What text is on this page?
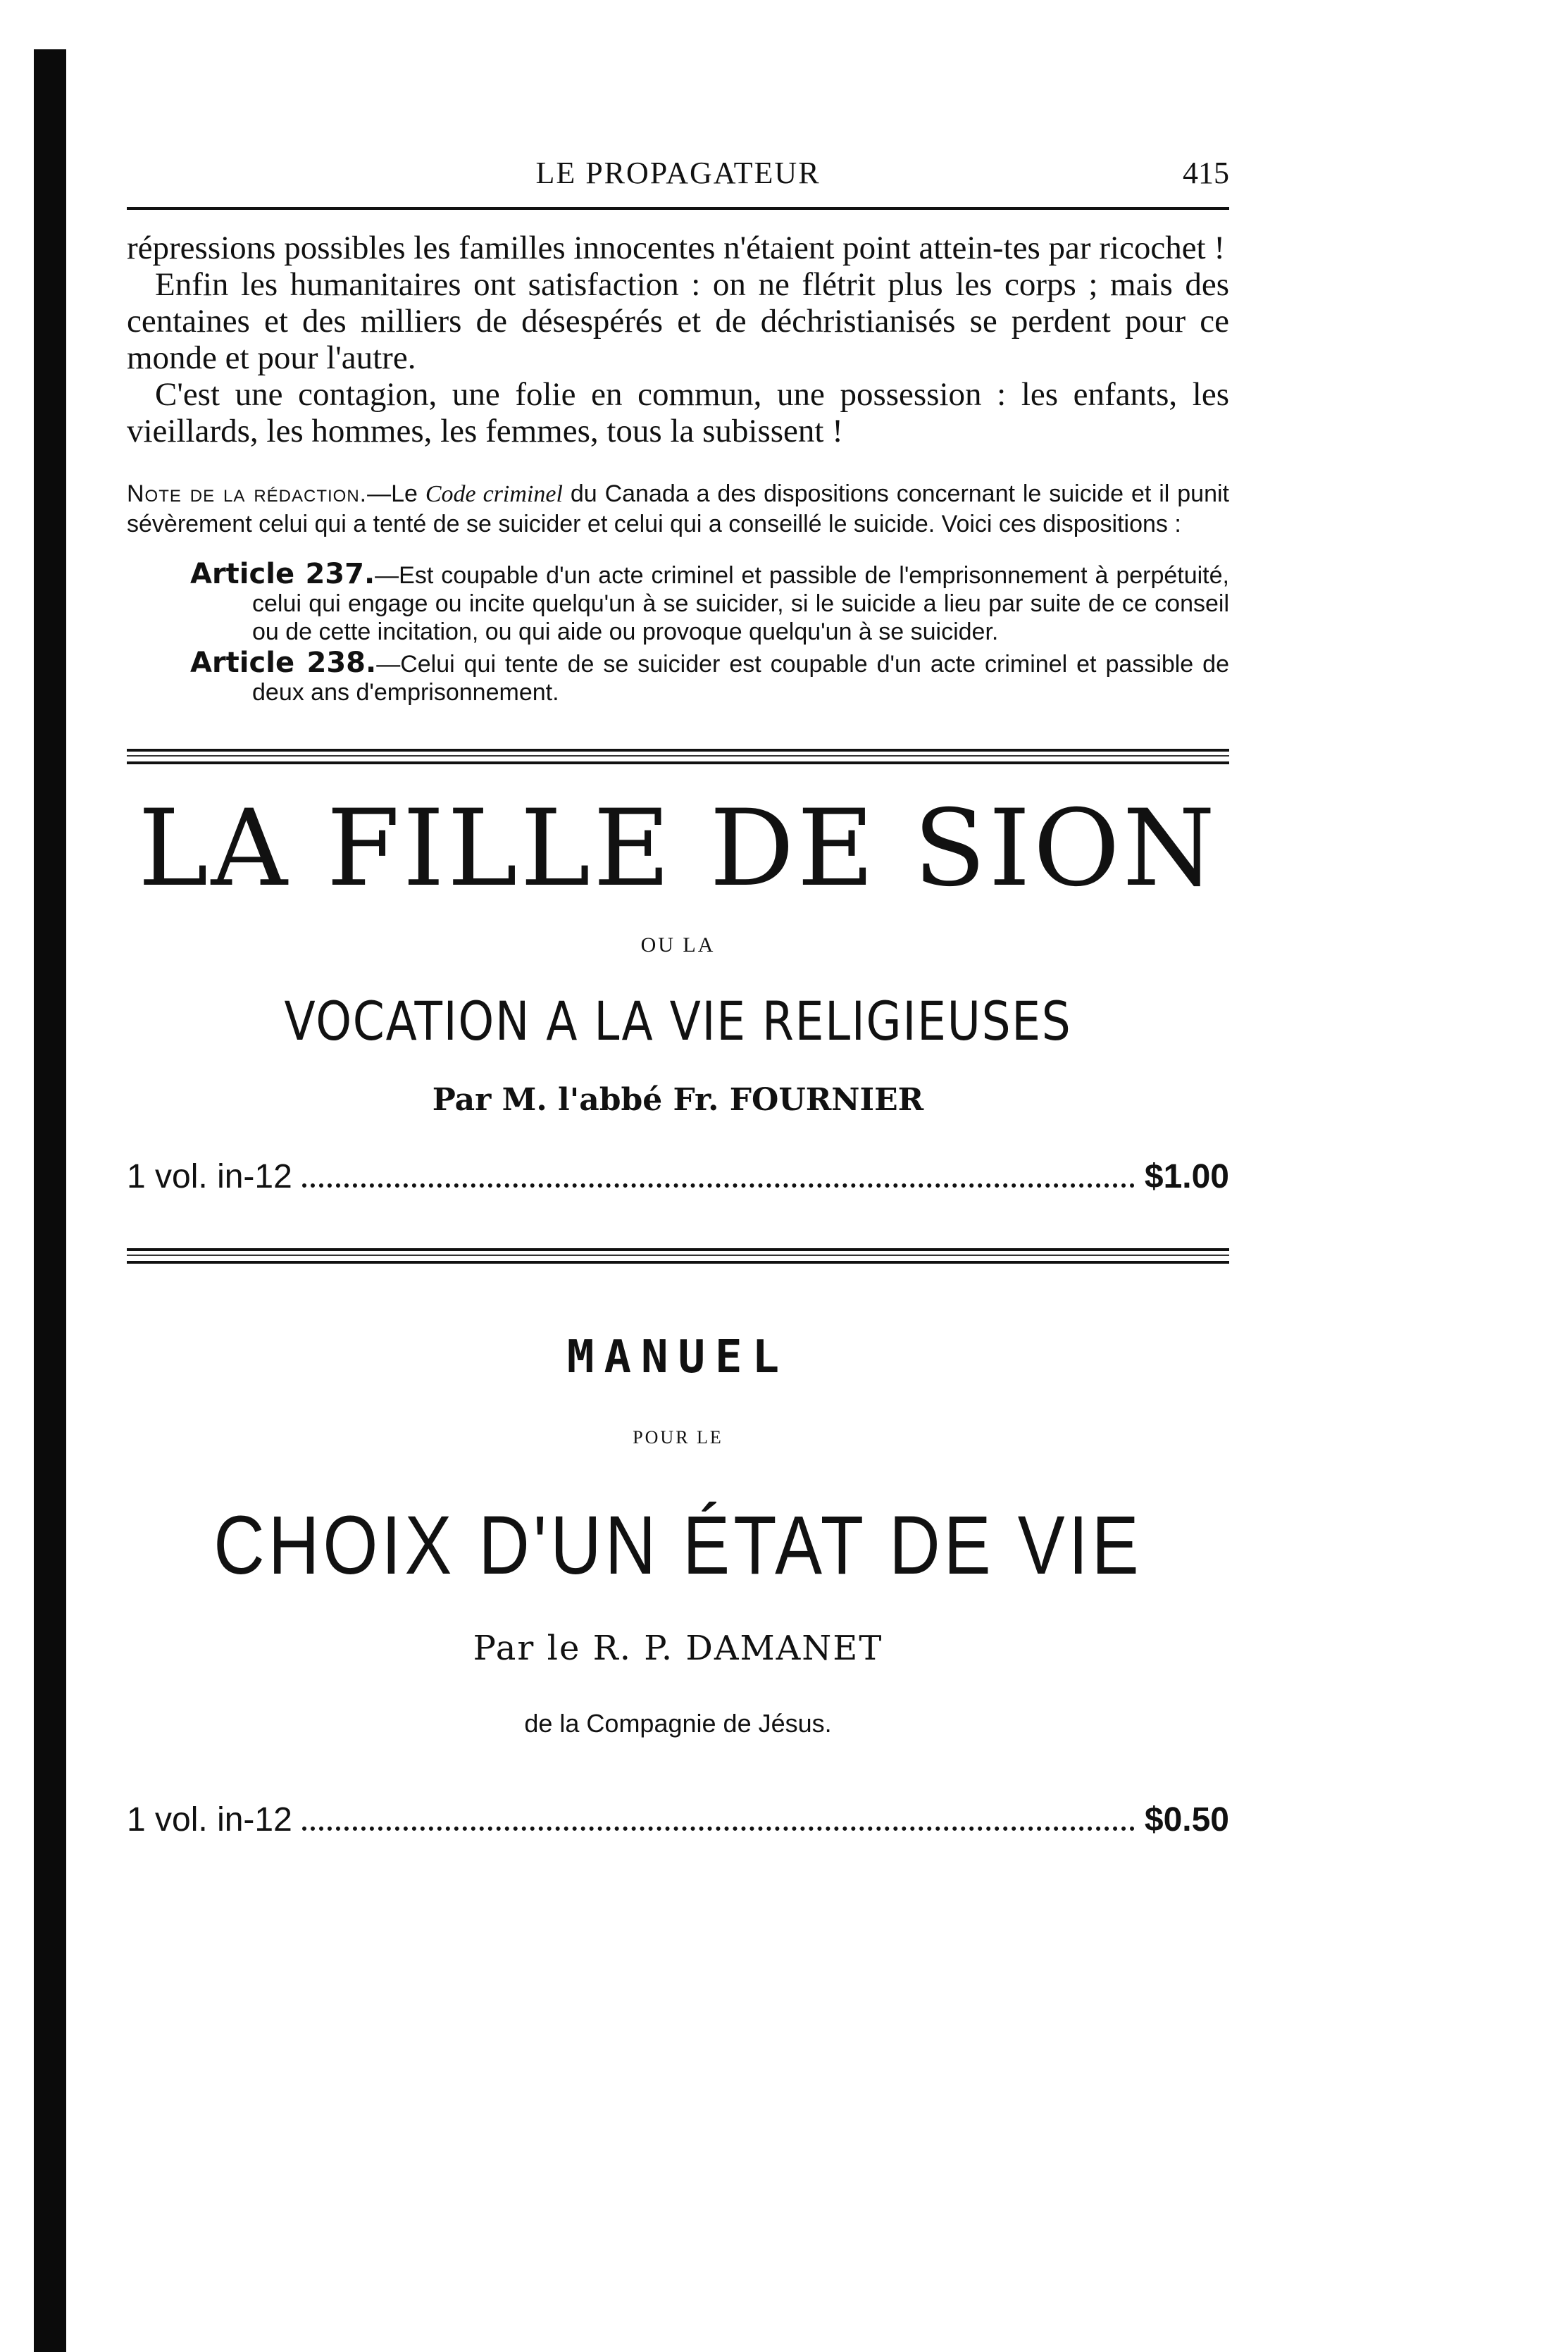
LE PROPAGATEUR	415

répressions possibles les familles innocentes n'étaient point attein-tes par ricochet !

Enfin les humanitaires ont satisfaction : on ne flétrit plus les corps ; mais des centaines et des milliers de désespérés et de déchristianisés se perdent pour ce monde et pour l'autre.

C'est une contagion, une folie en commun, une possession : les enfants, les vieillards, les hommes, les femmes, tous la subissent !

Note de la rédaction.—Le Code criminel du Canada a des dispositions concernant le suicide et il punit sévèrement celui qui a tenté de se suicider et celui qui a conseillé le suicide. Voici ces dispositions :
Article 237.—Est coupable d'un acte criminel et passible de l'emprisonnement à perpétuité, celui qui engage ou incite quelqu'un à se suicider, si le suicide a lieu par suite de ce conseil ou de cette incitation, ou qui aide ou provoque quelqu'un à se suicider.
Article 238.—Celui qui tente de se suicider est coupable d'un acte criminel et passible de deux ans d'emprisonnement.
LA FILLE DE SION
OU LA
VOCATION A LA VIE RELIGIEUSES
Par M. l'abbé Fr. FOURNIER
1 vol. in-12	$1.00
MANUEL
POUR LE
CHOIX D'UN ÉTAT DE VIE
Par le R. P. DAMANET
de la Compagnie de Jésus.
1 vol. in-12	$0.50
